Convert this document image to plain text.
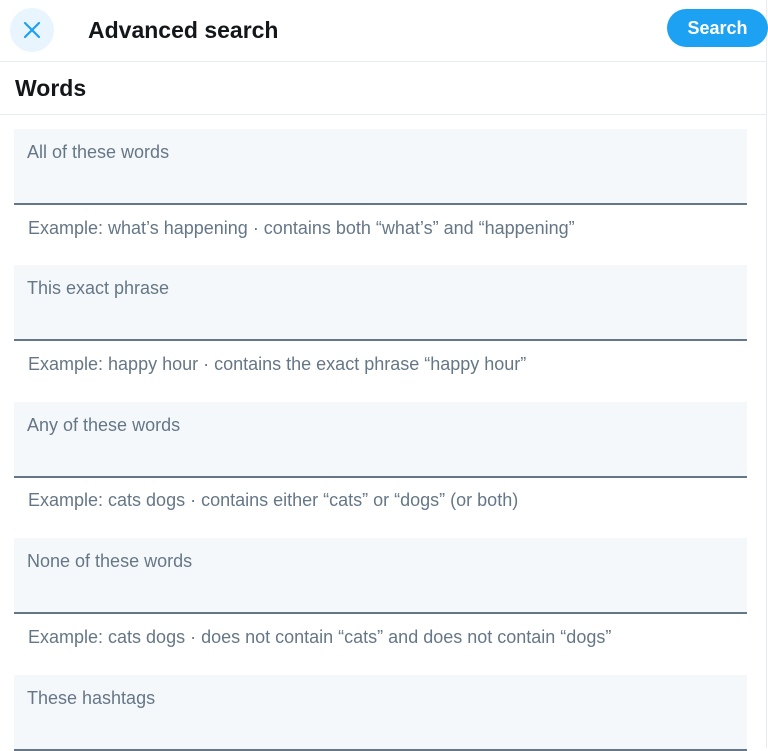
Advanced search	Search
Words
All of these words
Example: what’s happening · contains both “what’s” and “happening”
This exact phrase
Example: happy hour · contains the exact phrase “happy hour”
Any of these words
Example: cats dogs · contains either “cats” or “dogs” (or both)
None of these words
Example: cats dogs · does not contain “cats” and does not contain “dogs”
These hashtags
